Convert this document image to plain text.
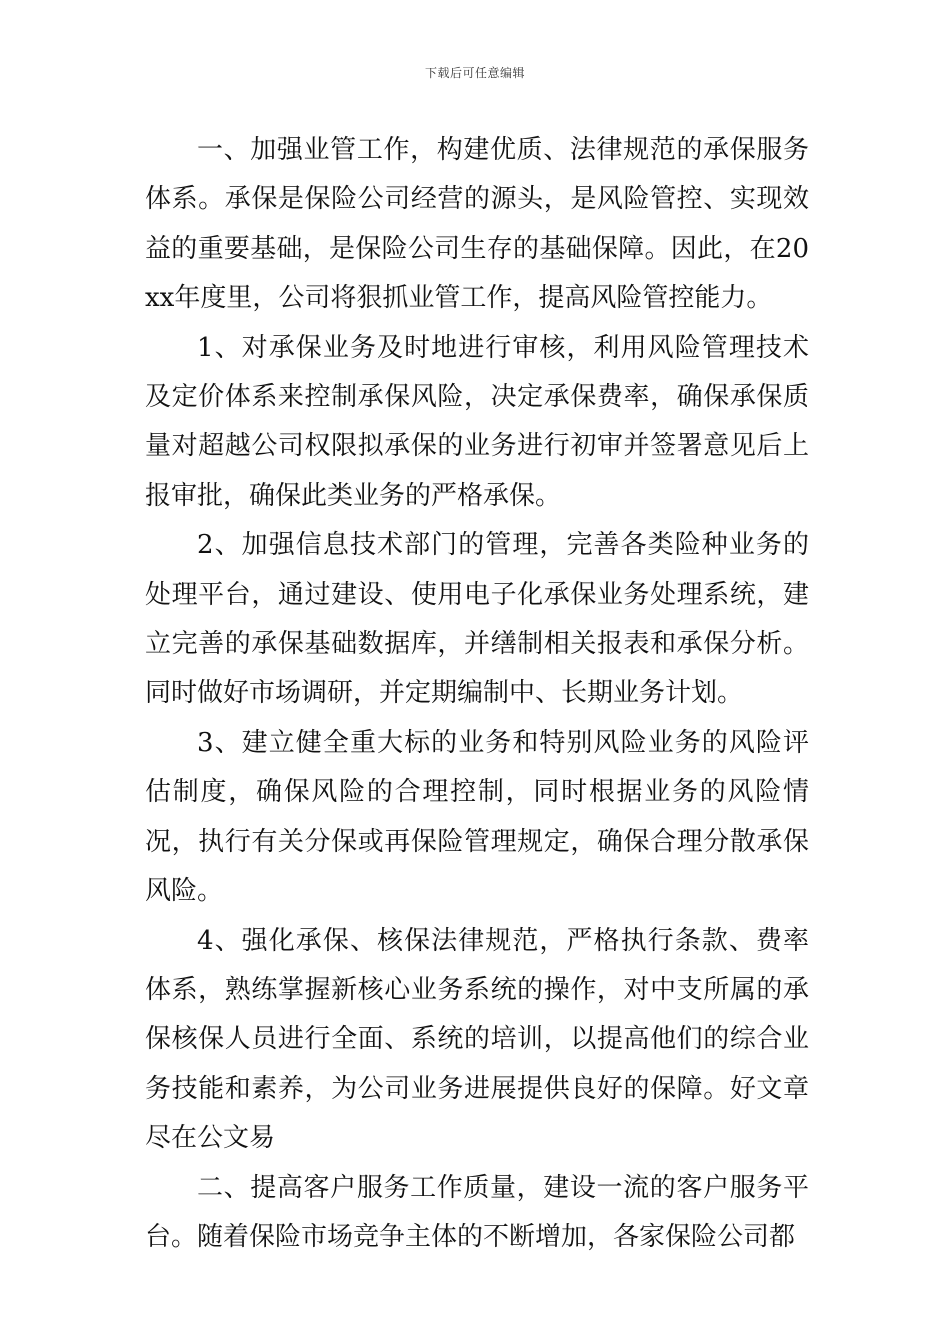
下载后可任意编辑

一、加强业管工作，构建优质、法律规范的承保服务体系。承保是保险公司经营的源头，是风险管控、实现效益的重要基础，是保险公司生存的基础保障。因此，在20xx年度里，公司将狠抓业管工作，提高风险管控能力。

1、对承保业务及时地进行审核，利用风险管理技术及定价体系来控制承保风险，决定承保费率，确保承保质量对超越公司权限拟承保的业务进行初审并签署意见后上报审批，确保此类业务的严格承保。

2、加强信息技术部门的管理，完善各类险种业务的处理平台，通过建设、使用电子化承保业务处理系统，建立完善的承保基础数据库，并缮制相关报表和承保分析。同时做好市场调研，并定期编制中、长期业务计划。

3、建立健全重大标的业务和特别风险业务的风险评估制度，确保风险的合理控制，同时根据业务的风险情况，执行有关分保或再保险管理规定，确保合理分散承保风险。

4、强化承保、核保法律规范，严格执行条款、费率体系，熟练掌握新核心业务系统的操作，对中支所属的承保核保人员进行全面、系统的培训，以提高他们的综合业务技能和素养，为公司业务进展提供良好的保障。好文章尽在公文易

二、提高客户服务工作质量，建设一流的客户服务平台。随着保险市场竞争主体的不断增加，各家保险公司都
